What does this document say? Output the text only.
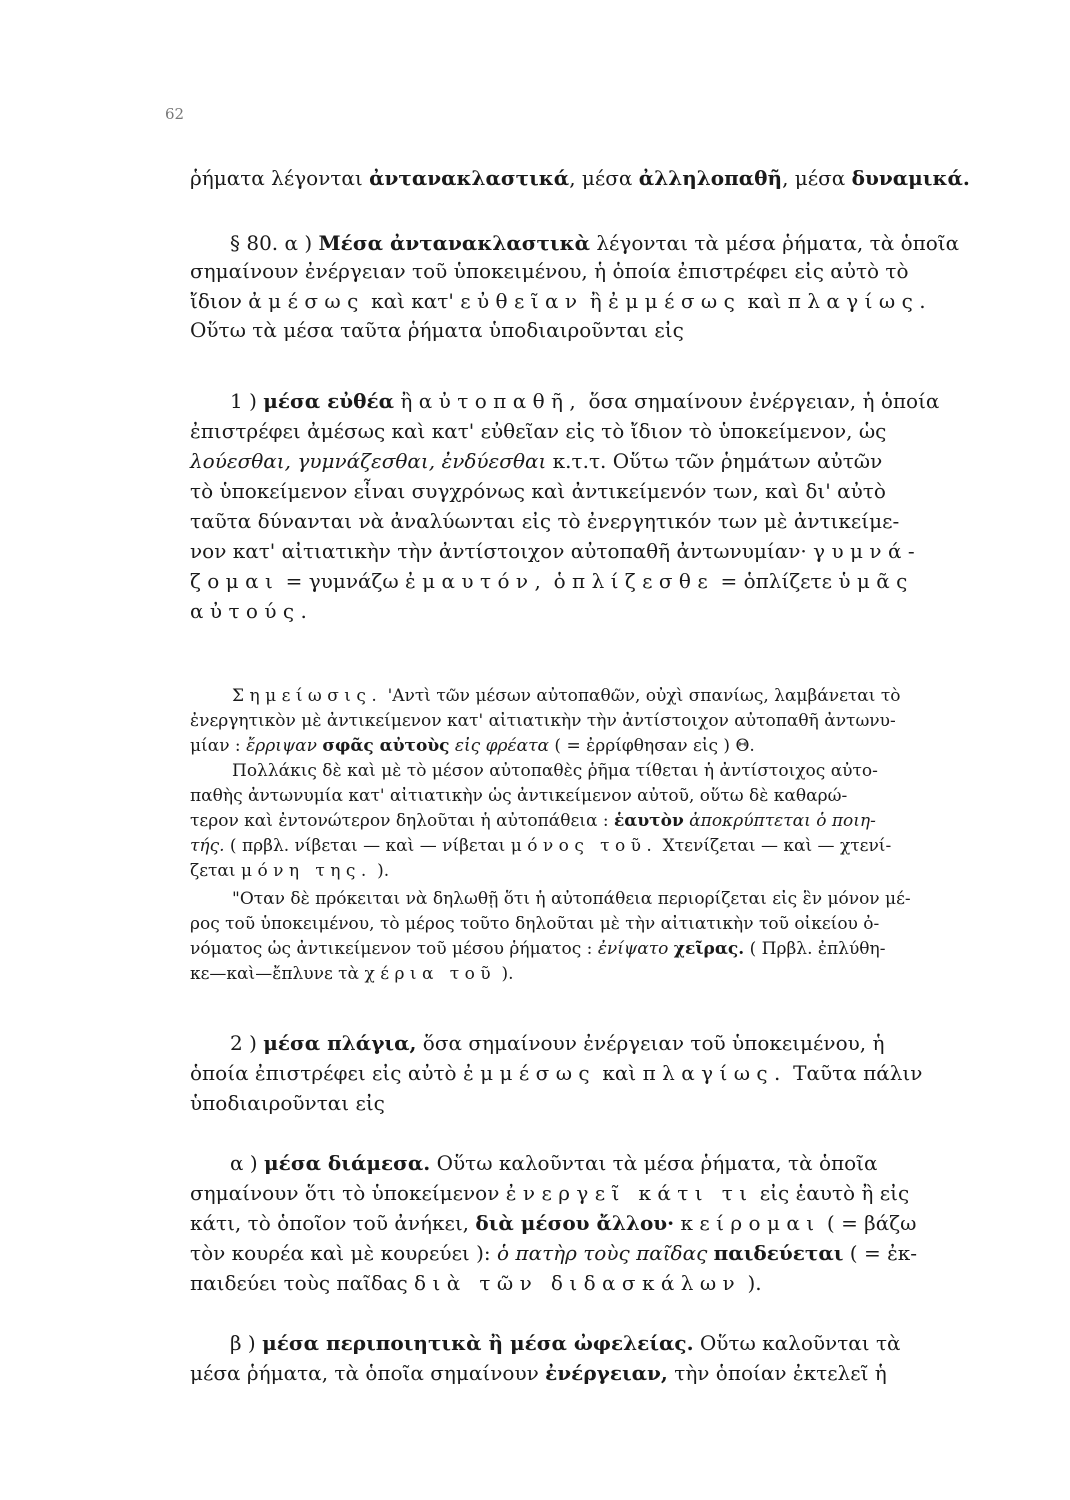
62
ῥήματα λέγονται ἀντανακλαστικά, μέσα ἀλληλοπαθῆ, μέσα δυναμικά.
§ 80. α ) Μέσα ἀντανακλαστικὰ λέγονται τὰ μέσα ῥήματα, τὰ ὁποῖα
σημαίνουν ἐνέργειαν τοῦ ὑποκειμένου, ἡ ὁποία ἐπιστρέφει εἰς αὐτὸ τὸ
ἴδιον ἀμέσως καὶ κατ' εὐθεῖαν ἢ ἐμμέσως καὶ πλαγίως.
Οὕτω τὰ μέσα ταῦτα ῥήματα ὑποδιαιροῦνται εἰς
1 ) μέσα εὐθέα ἢ αὐτοπαθῆ, ὅσα σημαίνουν ἐνέργειαν, ἡ ὁποία
ἐπιστρέφει ἀμέσως καὶ κατ' εὐθεῖαν εἰς τὸ ἴδιον τὸ ὑποκείμενον, ὡς
λούεσθαι, γυμνάζεσθαι, ἐνδύεσθαι κ.τ.τ. Οὕτω τῶν ῥημάτων αὐτῶν
τὸ ὑποκείμενον εἶναι συγχρόνως καὶ ἀντικείμενόν των, καὶ δι' αὐτὸ
ταῦτα δύνανται νὰ ἀναλύωνται εἰς τὸ ἐνεργητικόν των μὲ ἀντικείμε-
νον κατ' αἰτιατικὴν τὴν ἀντίστοιχον αὐτοπαθῆ ἀντωνυμίαν· γυμνά-
ζομαι = γυμνάζω ἐμαυτόν, ὁπλίζεσθε = ὁπλίζετε ὑμᾶς
αὐτούς.
Σημείωσις. 'Αντὶ τῶν μέσων αὐτοπαθῶν, οὐχὶ σπανίως, λαμβάνεται τὸ
ἐνεργητικὸν μὲ ἀντικείμενον κατ' αἰτιατικὴν τὴν ἀντίστοιχον αὐτοπαθῆ ἀντωνυ-
μίαν : ἔρριψαν σφᾶς αὐτοὺς εἰς φρέατα ( = ἐρρίφθησαν εἰς ) Θ.
Πολλάκις δὲ καὶ μὲ τὸ μέσον αὐτοπαθὲς ῥῆμα τίθεται ἡ ἀντίστοιχος αὐτο-
παθὴς ἀντωνυμία κατ' αἰτιατικὴν ὡς ἀντικείμενον αὐτοῦ, οὕτω δὲ καθαρώ-
τερον καὶ ἐντονώτερον δηλοῦται ἡ αὐτοπάθεια : ἑαυτὸν ἀποκρύπτεται ὁ ποιη-
τής. ( πρβλ. νίβεται — καὶ — νίβεται μόνος τοῦ. Χτενίζεται — καὶ — χτενί-
ζεται μόνη της. ).
"Οταν δὲ πρόκειται νὰ δηλωθῇ ὅτι ἡ αὐτοπάθεια περιορίζεται εἰς ἓν μόνον μέ-
ρος τοῦ ὑποκειμένου, τὸ μέρος τοῦτο δηλοῦται μὲ τὴν αἰτιατικὴν τοῦ οἰκείου ὀ-
νόματος ὡς ἀντικείμενον τοῦ μέσου ῥήματος : ἐνίψατο χεῖρας. ( Πρβλ. ἐπλύθη-
κε—καὶ—ἔπλυνε τὰ χέρια τοῦ ).
2 ) μέσα πλάγια, ὅσα σημαίνουν ἐνέργειαν τοῦ ὑποκειμένου, ἡ
ὁποία ἐπιστρέφει εἰς αὐτὸ ἐμμέσως καὶ πλαγίως. Ταῦτα πάλιν
ὑποδιαιροῦνται εἰς
α ) μέσα διάμεσα. Οὕτω καλοῦνται τὰ μέσα ῥήματα, τὰ ὁποῖα
σημαίνουν ὅτι τὸ ὑποκείμενον ἐνεργεῖ κάτι τι εἰς ἑαυτὸ ἢ εἰς
κάτι, τὸ ὁποῖον τοῦ ἀνήκει, διὰ μέσου ἄλλου· κείρομαι ( = βάζω
τὸν κουρέα καὶ μὲ κουρεύει ): ὁ πατὴρ τοὺς παῖδας παιδεύεται ( = ἐκ-
παιδεύει τοὺς παῖδας διὰ τῶν διδασκάλων ).
β ) μέσα περιποιητικὰ ἢ μέσα ὠφελείας. Οὕτω καλοῦνται τὰ
μέσα ῥήματα, τὰ ὁποῖα σημαίνουν ἐνέργειαν, τὴν ὁποίαν ἐκτελεῖ ἡ
